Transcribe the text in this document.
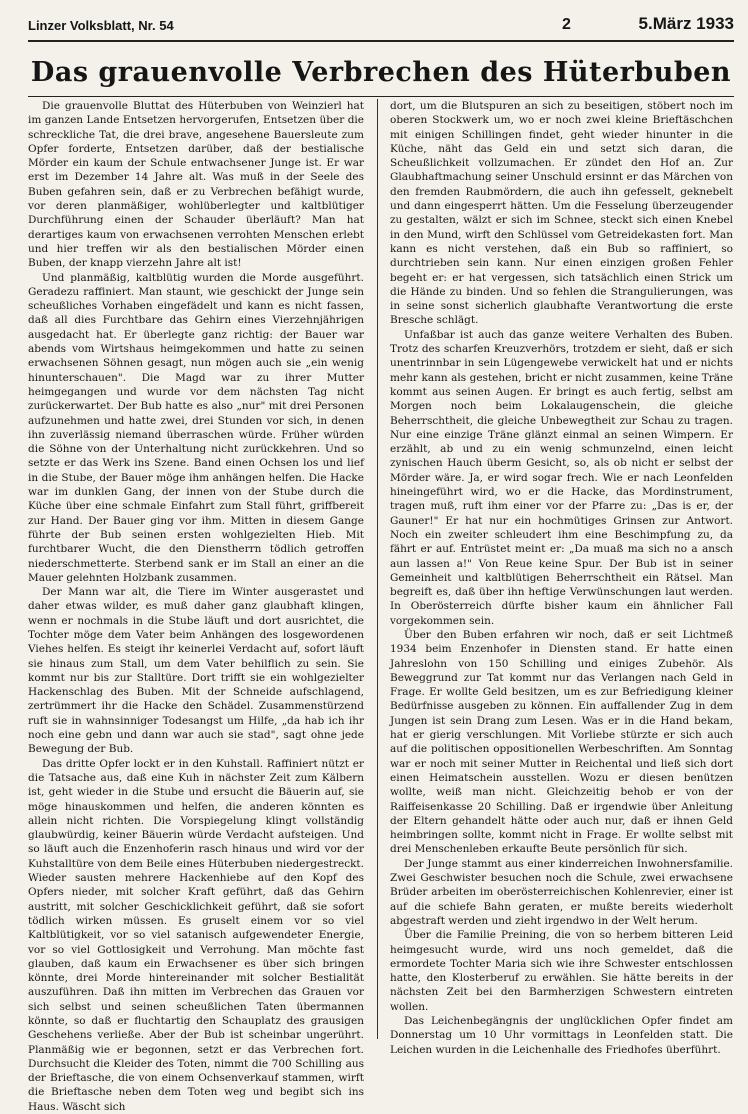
Linzer Volksblatt, Nr. 54	2	5.März 1933
Das grauenvolle Verbrechen des Hüterbuben

Die grauenvolle Bluttat des Hüterbuben von Weinzierl hat im ganzen Lande Entsetzen hervorgerufen, Entsetzen über die schreckliche Tat, die drei brave, angesehene Bauersleute zum Opfer forderte, Entsetzen darüber, daß der bestialische Mörder ein kaum der Schule entwachsener Junge ist. Er war erst im Dezember 14 Jahre alt. Was muß in der Seele des Buben gefahren sein, daß er zu Verbrechen befähigt wurde, vor deren planmäßiger, wohlüberlegter und kaltblütiger Durchführung einen der Schauder überläuft? Man hat derartiges kaum von erwachsenen verrohten Menschen erlebt und hier treffen wir als den bestialischen Mörder einen Buben, der knapp vierzehn Jahre alt ist!

Und planmäßig, kaltblütig wurden die Morde ausgeführt. Geradezu raffiniert. Man staunt, wie geschickt der Junge sein scheußliches Vorhaben eingefädelt und kann es nicht fassen, daß all dies Furchtbare das Gehirn eines Vierzehnjährigen ausgedacht hat. Er überlegte ganz richtig: der Bauer war abends vom Wirtshaus heimgekommen und hatte zu seinen erwachsenen Söhnen gesagt, nun mögen auch sie „ein wenig hinunterschauen". Die Magd war zu ihrer Mutter heimgegangen und wurde vor dem nächsten Tag nicht zurückerwartet. Der Bub hatte es also „nur" mit drei Personen aufzunehmen und hatte zwei, drei Stunden vor sich, in denen ihn zuverlässig niemand überraschen würde. Früher würden die Söhne von der Unterhaltung nicht zurückkehren. Und so setzte er das Werk ins Szene. Band einen Ochsen los und lief in die Stube, der Bauer möge ihm anhängen helfen. Die Hacke war im dunklen Gang, der innen von der Stube durch die Küche über eine schmale Einfahrt zum Stall führt, griffbereit zur Hand. Der Bauer ging vor ihm. Mitten in diesem Gange führte der Bub seinen ersten wohlgezielten Hieb. Mit furchtbarer Wucht, die den Dienstherrn tödlich getroffen niederschmetterte. Sterbend sank er im Stall an einer an die Mauer gelehnten Holzbank zusammen.

Der Mann war alt, die Tiere im Winter ausgerastet und daher etwas wilder, es muß daher ganz glaubhaft klingen, wenn er nochmals in die Stube läuft und dort ausrichtet, die Tochter möge dem Vater beim Anhängen des losgewordenen Viehes helfen. Es steigt ihr keinerlei Verdacht auf, sofort läuft sie hinaus zum Stall, um dem Vater behilflich zu sein. Sie kommt nur bis zur Stalltüre. Dort trifft sie ein wohlgezielter Hackenschlag des Buben. Mit der Schneide aufschlagend, zertrümmert ihr die Hacke den Schädel. Zusammenstürzend ruft sie in wahnsinniger Todesangst um Hilfe, „da hab ich ihr noch eine gebn und dann war auch sie stad", sagt ohne jede Bewegung der Bub.

Das dritte Opfer lockt er in den Kuhstall. Raffiniert nützt er die Tatsache aus, daß eine Kuh in nächster Zeit zum Kälbern ist, geht wieder in die Stube und ersucht die Bäuerin auf, sie möge hinauskommen und helfen, die anderen könnten es allein nicht richten. Die Vorspiegelung klingt vollständig glaubwürdig, keiner Bäuerin würde Verdacht aufsteigen. Und so läuft auch die Enzenhoferin rasch hinaus und wird vor der Kuhstalltüre von dem Beile eines Hüterbuben niedergestreckt. Wieder sausten mehrere Hackenhiebe auf den Kopf des Opfers nieder, mit solcher Kraft geführt, daß das Gehirn austritt, mit solcher Geschicklichkeit geführt, daß sie sofort tödlich wirken müssen. Es gruselt einem vor so viel Kaltblütigkeit, vor so viel satanisch aufgewendeter Energie, vor so viel Gottlosigkeit und Verrohung. Man möchte fast glauben, daß kaum ein Erwachsener es über sich bringen könnte, drei Morde hintereinander mit solcher Bestialität auszuführen. Daß ihn mitten im Verbrechen das Grauen vor sich selbst und seinen scheußlichen Taten übermannen könnte, so daß er fluchtartig den Schauplatz des grausigen Geschehens verließe. Aber der Bub ist scheinbar ungerührt. Planmäßig wie er begonnen, setzt er das Verbrechen fort. Durchsucht die Kleider des Toten, nimmt die 700 Schilling aus der Brieftasche, die von einem Ochsenverkauf stammen, wirft die Brieftasche neben dem Toten weg und begibt sich ins Haus. Wäscht sich

dort, um die Blutspuren an sich zu beseitigen, stöbert noch im oberen Stockwerk um, wo er noch zwei kleine Brieftäschchen mit einigen Schillingen findet, geht wieder hinunter in die Küche, näht das Geld ein und setzt sich daran, die Scheußlichkeit vollzumachen. Er zündet den Hof an. Zur Glaubhaftmachung seiner Unschuld ersinnt er das Märchen von den fremden Raubmördern, die auch ihn gefesselt, geknebelt und dann eingesperrt hätten. Um die Fesselung überzeugender zu gestalten, wälzt er sich im Schnee, steckt sich einen Knebel in den Mund, wirft den Schlüssel vom Getreidekasten fort. Man kann es nicht verstehen, daß ein Bub so raffiniert, so durchtrieben sein kann. Nur einen einzigen großen Fehler begeht er: er hat vergessen, sich tatsächlich einen Strick um die Hände zu binden. Und so fehlen die Strangulierungen, was in seine sonst sicherlich glaubhafte Verantwortung die erste Bresche schlägt.

Unfaßbar ist auch das ganze weitere Verhalten des Buben. Trotz des scharfen Kreuzverhörs, trotzdem er sieht, daß er sich unentrinnbar in sein Lügengewebe verwickelt hat und er nichts mehr kann als gestehen, bricht er nicht zusammen, keine Träne kommt aus seinen Augen. Er bringt es auch fertig, selbst am Morgen noch beim Lokalaugenschein, die gleiche Beherrschtheit, die gleiche Unbewegtheit zur Schau zu tragen. Nur eine einzige Träne glänzt einmal an seinen Wimpern. Er erzählt, ab und zu ein wenig schmunzelnd, einen leicht zynischen Hauch überm Gesicht, so, als ob nicht er selbst der Mörder wäre. Ja, er wird sogar frech. Wie er nach Leonfelden hineingeführt wird, wo er die Hacke, das Mordinstrument, tragen muß, ruft ihm einer vor der Pfarre zu: „Das is er, der Gauner!" Er hat nur ein hochmütiges Grinsen zur Antwort. Noch ein zweiter schleudert ihm eine Beschimpfung zu, da fährt er auf. Entrüstet meint er: „Da muaß ma sich no a ansch aun lassen a!" Von Reue keine Spur. Der Bub ist in seiner Gemeinheit und kaltblütigen Beherrschtheit ein Rätsel. Man begreift es, daß über ihn heftige Verwünschungen laut werden. In Oberösterreich dürfte bisher kaum ein ähnlicher Fall vorgekommen sein.

Über den Buben erfahren wir noch, daß er seit Lichtmeß 1934 beim Enzenhofer in Diensten stand. Er hatte einen Jahreslohn von 150 Schilling und einiges Zubehör. Als Beweggrund zur Tat kommt nur das Verlangen nach Geld in Frage. Er wollte Geld besitzen, um es zur Befriedigung kleiner Bedürfnisse ausgeben zu können. Ein auffallender Zug in dem Jungen ist sein Drang zum Lesen. Was er in die Hand bekam, hat er gierig verschlungen. Mit Vorliebe stürzte er sich auch auf die politischen oppositionellen Werbeschriften. Am Sonntag war er noch mit seiner Mutter in Reichental und ließ sich dort einen Heimatschein ausstellen. Wozu er diesen benützen wollte, weiß man nicht. Gleichzeitig behob er von der Raiffeisenkasse 20 Schilling. Daß er irgendwie über Anleitung der Eltern gehandelt hätte oder auch nur, daß er ihnen Geld heimbringen sollte, kommt nicht in Frage. Er wollte selbst mit drei Menschenleben erkaufte Beute persönlich für sich.

Der Junge stammt aus einer kinderreichen Inwohnersfamilie. Zwei Geschwister besuchen noch die Schule, zwei erwachsene Brüder arbeiten im oberösterreichischen Kohlenrevier, einer ist auf die schiefe Bahn geraten, er mußte bereits wiederholt abgestraft werden und zieht irgendwo in der Welt herum.

Über die Familie Preining, die von so herbem bitteren Leid heimgesucht wurde, wird uns noch gemeldet, daß die ermordete Tochter Maria sich wie ihre Schwester entschlossen hatte, den Klosterberuf zu erwählen. Sie hätte bereits in der nächsten Zeit bei den Barmherzigen Schwestern eintreten wollen.

Das Leichenbegängnis der unglücklichen Opfer findet am Donnerstag um 10 Uhr vormittags in Leonfelden statt. Die Leichen wurden in die Leichenhalle des Friedhofes überführt.
